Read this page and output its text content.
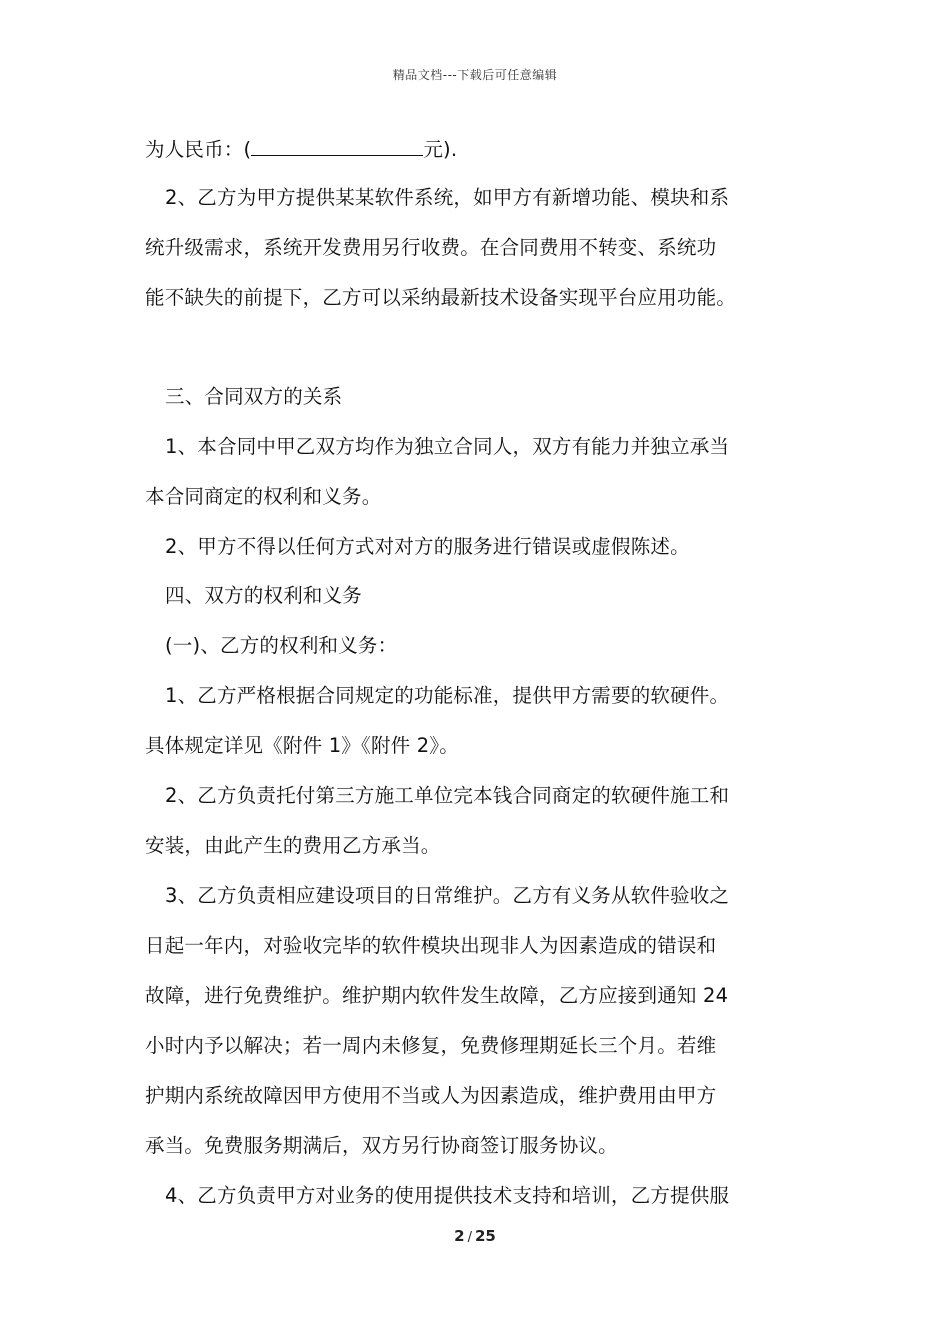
精品文档---下载后可任意编辑
为人民币：(	元).
2、乙方为甲方提供某某软件系统，如甲方有新增功能、模块和系
统升级需求，系统开发费用另行收费。在合同费用不转变、系统功
能不缺失的前提下，乙方可以采纳最新技术设备实现平台应用功能。
三、合同双方的关系
1、本合同中甲乙双方均作为独立合同人，双方有能力并独立承当
本合同商定的权利和义务。
2、甲方不得以任何方式对对方的服务进行错误或虚假陈述。
四、双方的权利和义务
(一)、乙方的权利和义务：
1、乙方严格根据合同规定的功能标准，提供甲方需要的软硬件。
具体规定详见《附件 1》《附件 2》。
2、乙方负责托付第三方施工单位完本钱合同商定的软硬件施工和
安装，由此产生的费用乙方承当。
3、乙方负责相应建设项目的日常维护。乙方有义务从软件验收之
日起一年内，对验收完毕的软件模块出现非人为因素造成的错误和
故障，进行免费维护。维护期内软件发生故障，乙方应接到通知 24
小时内予以解决；若一周内未修复，免费修理期延长三个月。若维
护期内系统故障因甲方使用不当或人为因素造成，维护费用由甲方
承当。免费服务期满后，双方另行协商签订服务协议。
4、乙方负责甲方对业务的使用提供技术支持和培训，乙方提供服
2 / 25
